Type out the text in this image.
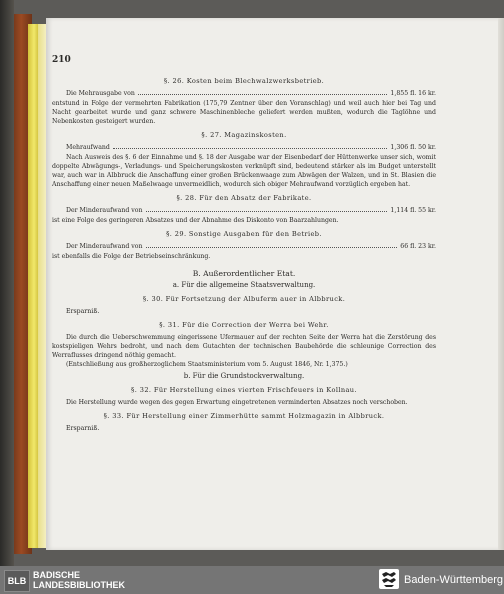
210
§. 26. Kosten beim Blechwalzwerksbetrieb.
Die Mehrausgabe von	1,855 fl. 16 kr.

entstund in Folge der vermehrten Fabrikation (175,79 Zentner über den Voranschlag) und weil auch hier bei Tag und Nacht gearbeitet wurde und ganz schwere Maschinenbleche geliefert werden mußten, wodurch die Taglöhne und Nebenkosten gesteigert wurden.

§. 27. Magazinskosten.
Mehraufwand	1,306 fl. 50 kr.

Nach Ausweis des §. 6 der Einnahme und §. 18 der Ausgabe war der Eisenbedarf der Hüttenwerke unser sich, womit doppelte Abwägungs-, Verladungs- und Speicherungskosten verknüpft sind, bedeutend stärker als im Budget unterstellt war, auch war in Albbruck die Anschaffung einer großen Brückenwaage zum Abwägen der Walzen, und in St. Blasien die Anschaffung einer neuen Maßelwaage unvermeidlich, wodurch sich obiger Mehraufwand vorzüglich ergeben hat.

§. 28. Für den Absatz der Fabrikate.
Der Minderaufwand von	1,114 fl. 55 kr.

ist eine Folge des geringeren Absatzes und der Abnahme des Diskonto von Baarzahlungen.

§. 29. Sonstige Ausgaben für den Betrieb.
Der Minderaufwand von	66 fl. 23 kr.

ist ebenfalls die Folge der Betriebseinschränkung.

B. Außerordentlicher Etat.
a. Für die allgemeine Staatsverwaltung.
§. 30. Für Fortsetzung der Albuferm auer in Albbruck.

Ersparniß.

§. 31. Für die Correction der Werra bei Wehr.

Die durch die Ueberschwemmung eingerissene Ufermauer auf der rechten Seite der Werra hat die Zerstörung des kostspieligen Wehrs bedroht, und nach dem Gutachten der technischen Baubehörde die schleunige Correction des Werraflusses dringend nöthig gemacht.

(Entschließung aus großherzoglichem Staatsministerium vom 5. August 1846, Nr. 1,375.)

b. Für die Grundstockverwaltung.
§. 32. Für Herstellung eines vierten Frischfeuers in Kollnau.

Die Herstellung wurde wegen des gegen Erwartung eingetretenen verminderten Absatzes noch verschoben.

§. 33. Für Herstellung einer Zimmerhütte sammt Holzmagazin in Albbruck.

Ersparniß.

BLB
BADISCHE
LANDESBIBLIOTHEK	Baden-Württemberg
